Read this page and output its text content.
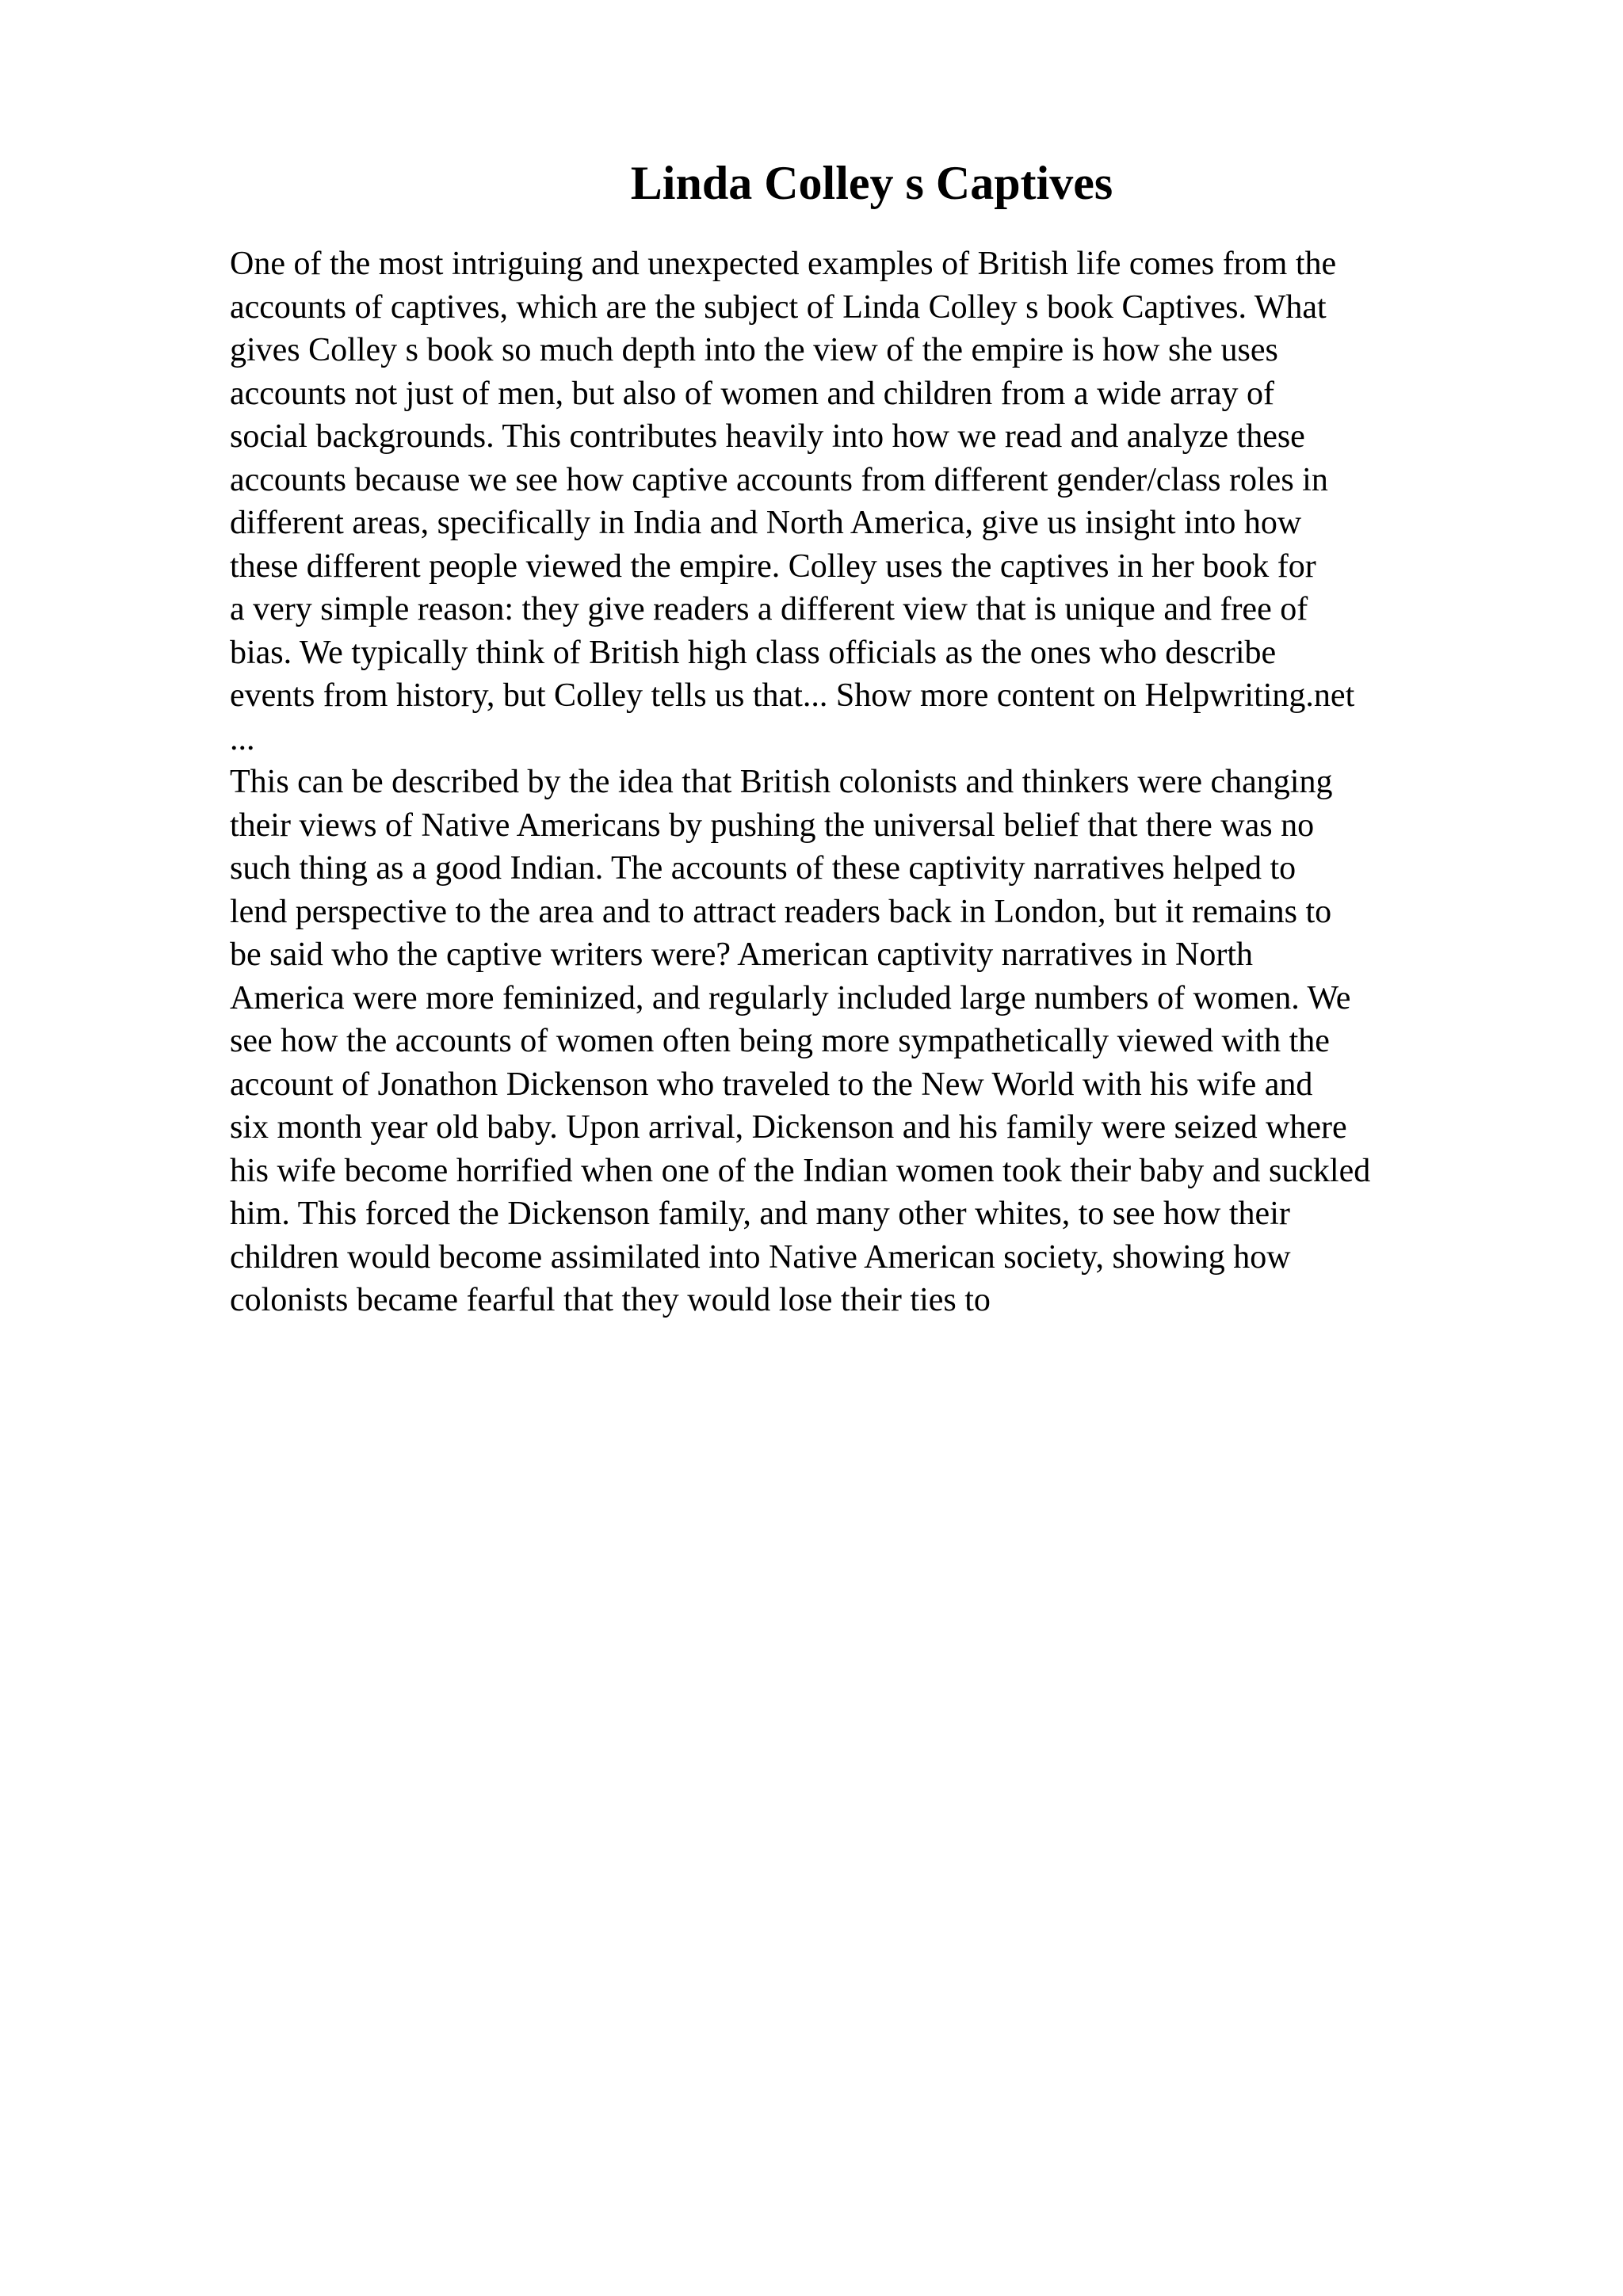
Linda Colley s Captives
One of the most intriguing and unexpected examples of British life comes from the
accounts of captives, which are the subject of Linda Colley s book Captives. What
gives Colley s book so much depth into the view of the empire is how she uses
accounts not just of men, but also of women and children from a wide array of
social backgrounds. This contributes heavily into how we read and analyze these
accounts because we see how captive accounts from different gender/class roles in
different areas, specifically in India and North America, give us insight into how
these different people viewed the empire. Colley uses the captives in her book for
a very simple reason: they give readers a different view that is unique and free of
bias. We typically think of British high class officials as the ones who describe
events from history, but Colley tells us that... Show more content on Helpwriting.net
...
This can be described by the idea that British colonists and thinkers were changing
their views of Native Americans by pushing the universal belief that there was no
such thing as a good Indian. The accounts of these captivity narratives helped to
lend perspective to the area and to attract readers back in London, but it remains to
be said who the captive writers were? American captivity narratives in North
America were more feminized, and regularly included large numbers of women. We
see how the accounts of women often being more sympathetically viewed with the
account of Jonathon Dickenson who traveled to the New World with his wife and
six month year old baby. Upon arrival, Dickenson and his family were seized where
his wife become horrified when one of the Indian women took their baby and suckled
him. This forced the Dickenson family, and many other whites, to see how their
children would become assimilated into Native American society, showing how
colonists became fearful that they would lose their ties to
